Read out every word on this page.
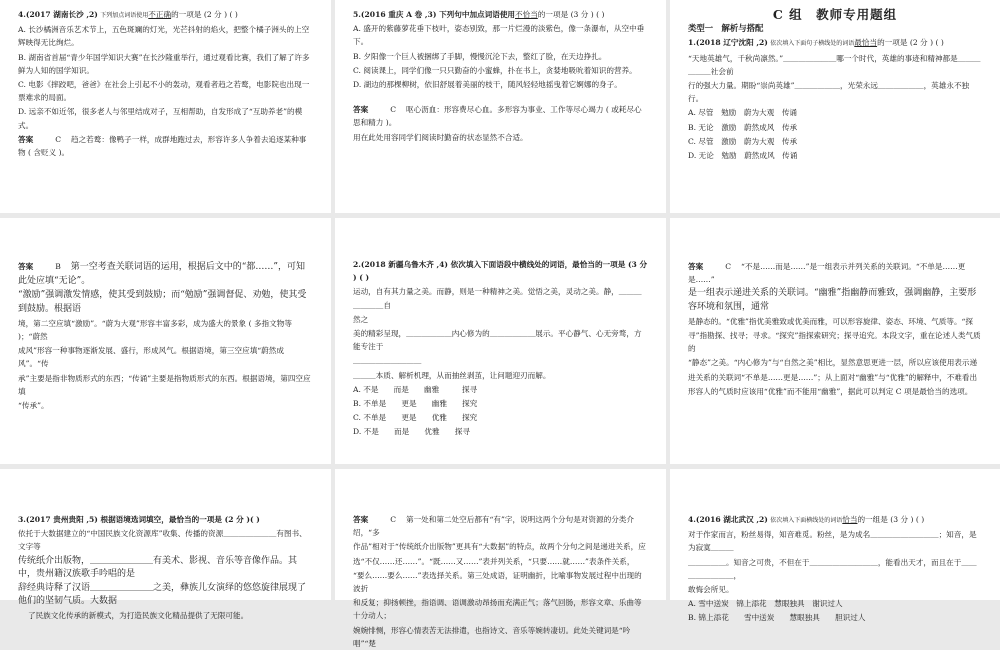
4.(2017 湖南长沙 ,2) 下列加点词语使用不正确的一项是 (2 分 ) ( )

A. 长沙橘洲音乐艺术节上，五色斑斓的灯光，光芒抖射的焰火，把整个橘子洲头的上空辉映得无比绚烂。

B. 湖南省首届“青少年国学知识大赛”在长沙隆重举行，通过观看比赛，我们了解了许多鲜为人知的国学知识。

C. 电影《摔跤吧，爸爸》在社会上引起不小的轰动，观看者趋之若鹜，电影院也出现一票难求的局面。

D. 远亲不如近邻，很多老人与邻里结成对子，互相帮助，自发形成了“互助养老”的模式。

答案	C 趋之若鹜：像鸭子一样，成群地跑过去，形容许多人争着去追逐某种事物 ( 含贬义 )。

5.(2016 重庆 A 卷 ,3) 下列句中加点词语使用不恰当的一项是 (3 分 ) ( )

A. 盛开的紫藤萝花垂下枝叶，姿态别致，那一片烂漫的淡紫色，像一条瀑布，从空中垂下。

B. 夕阳像一个巨人被捆绑了手脚，慢慢沉沦下去，整红了脸，在天边挣扎。

C. 阅读课上，同学们像一只只勤奋的小蜜蜂，扑在书上，贪婪地吸吮着知识的营养。

D. 湖边的那棵柳树，依旧舒展着美丽的枝干，随风轻轻地摇曳着它婀娜的身子。

答案	C 呕心沥血：形容费尽心血。多形容为事业、工作等尽心竭力 ( 或耗尽心思和精力 )。

用在此处用容同学们阅读时勤奋的状态显然不合适。

C 组　教师专用题组

类型一　解析与搭配

1.(2018 辽宁沈阳 ,2) 依次填入下面句子横线处的词语最恰当的一项是 (2 分 ) ( )

“天地英雄气，千秋尚凛然。”＿＿＿＿＿＿＿哪一个时代，英雄的事迹和精神都是＿＿＿＿＿＿社会前

行的强大力量。期盼“崇尚英雄”＿＿＿＿＿＿，光荣永远＿＿＿＿＿＿，英雄永不独行。

A. 尽管　勉励　蔚为大观　传诵

B. 无论　激励　蔚然成风　传承

C. 尽管　激励　蔚为大观　传承

D. 无论　勉励　蔚然成风　传诵

答案	B 第一空考查关联词语的运用，根据后文中的“都……”，可知此处应填“无论”。

“激励”强调激发情感，使其受到鼓励；而“勉励”强调督促、劝勉，使其受到鼓励。根据语

境，第二空应填“激励”。“蔚为大观”形容丰富多彩，成为盛大的景象 ( 多指文物等 )；“蔚然

成风”形容一种事物逐渐发展、盛行，形成风气。根据语境，第三空应填“蔚然成风”。“传

承”主要是指非物质形式的东西；“传诵”主要是指物质形式的东西。根据语境，第四空应填

“传承”。

2.(2018 新疆乌鲁木齐 ,4) 依次填入下面语段中横线处的词语，最恰当的一项是 (3 分 ) ( )

运动，自有其力量之美。而静，则是一种精神之美。觉悟之美，灵动之美。静，＿＿＿＿＿＿＿自

然之

美的精彩呈现，＿＿＿＿＿＿内心修为的＿＿＿＿＿＿展示。平心静气、心无旁骛，方能专注于

＿＿＿＿＿＿＿＿＿

＿＿＿本质、解析机理，从而抽丝剥茧，让问题迎刃而解。

A. 不是　　而是　　幽雅　　　探寻

B. 不单是　　更是　　幽雅　　探究

C. 不单是　　更是　　优雅　　探究

D. 不是　　而是　　优雅　　探寻

答案	C “不是……而是……”是一组表示并列关系的关联词。“不单是……更是……”

是一组表示递进关系的关联词。“幽雅”指幽静而雅致，强调幽静，主要形容环境和氛围，通常

是静态的。“优雅”指优美雅致或优美而雅，可以形容旋律、姿态、环境、气质等。“探

寻”指勘探、找寻；寻求。“探究”指探索研究；探寻追究。本段文字，重在论述人类气质的

“静态”之美。“内心修为”与“自然之美”相比，显然意思更进一层，所以应该使用表示递

进关系的关联词“不单是……更是……”；从上面对“幽雅”与“优雅”的解释中，不难看出

形容人的气质时应该用“优雅”而不能用“幽雅”，据此可以判定 C 项是最恰当的选项。

3.(2017 贵州贵阳 ,5) 根据语境选词填空，最恰当的一项是 (2 分 )( )

依托于大数据建立的“中国民族文化资源库”收集、传播的资源＿＿＿＿＿＿＿有图书、文字等

传统纸介出版物，＿＿＿＿＿＿＿有美术、影视、音乐等音像作品。其中，贵州籍汉族歌手吟唱的是

辞经典诗释了汉语＿＿＿＿＿＿＿之美，彝族儿女演绎的悠悠旋律展现了他们的坚韧气质。大数据

了民族文化传承的新模式，为打造民族文化精品提供了无限可能。

答案	C 第一处和第二处空后都有“有”字，说明这两个分句是对资源的分类介绍，“多

作品”相对于“传统纸介出版物”更具有“大数据”的特点，故两个分句之间是递进关系，应

选“不仅……还……”。“既……又……”表并列关系，“只要……就……”表条件关系，

“要么……要么……”表选择关系。第三处成语，证明幽折，比喻事物发展过程中出现的波折

和反复；抑扬顿挫，指语调、语调激动昂扬而充满正气；落气回肠，形容文章、乐曲等十分动人；

婉婉悱恻，形容心情表苦无法排遣，也指诗文、音乐等婉转凄切。此处关键词是“吟唱”“楚

4.(2016 湖北武汉 ,2) 依次填入下面横线处的词语恰当的一组是 (3 分 ) ( )

对于作家而言，粉丝易得，知音难觅。粉丝，是为成名＿＿＿＿＿＿＿＿＿；知音，是为寂寞＿＿＿

＿＿＿＿＿。知音之可贵，不但在于＿＿＿＿＿＿＿＿＿，能看出天才，而且在于＿＿＿＿＿＿＿＿，

敢悔会所见。

A. 雪中送炭　锦上添花　慧眼独具　谢识过人

B. 锦上添花　　雪中送炭　　慧眼独具　　胆识过人
